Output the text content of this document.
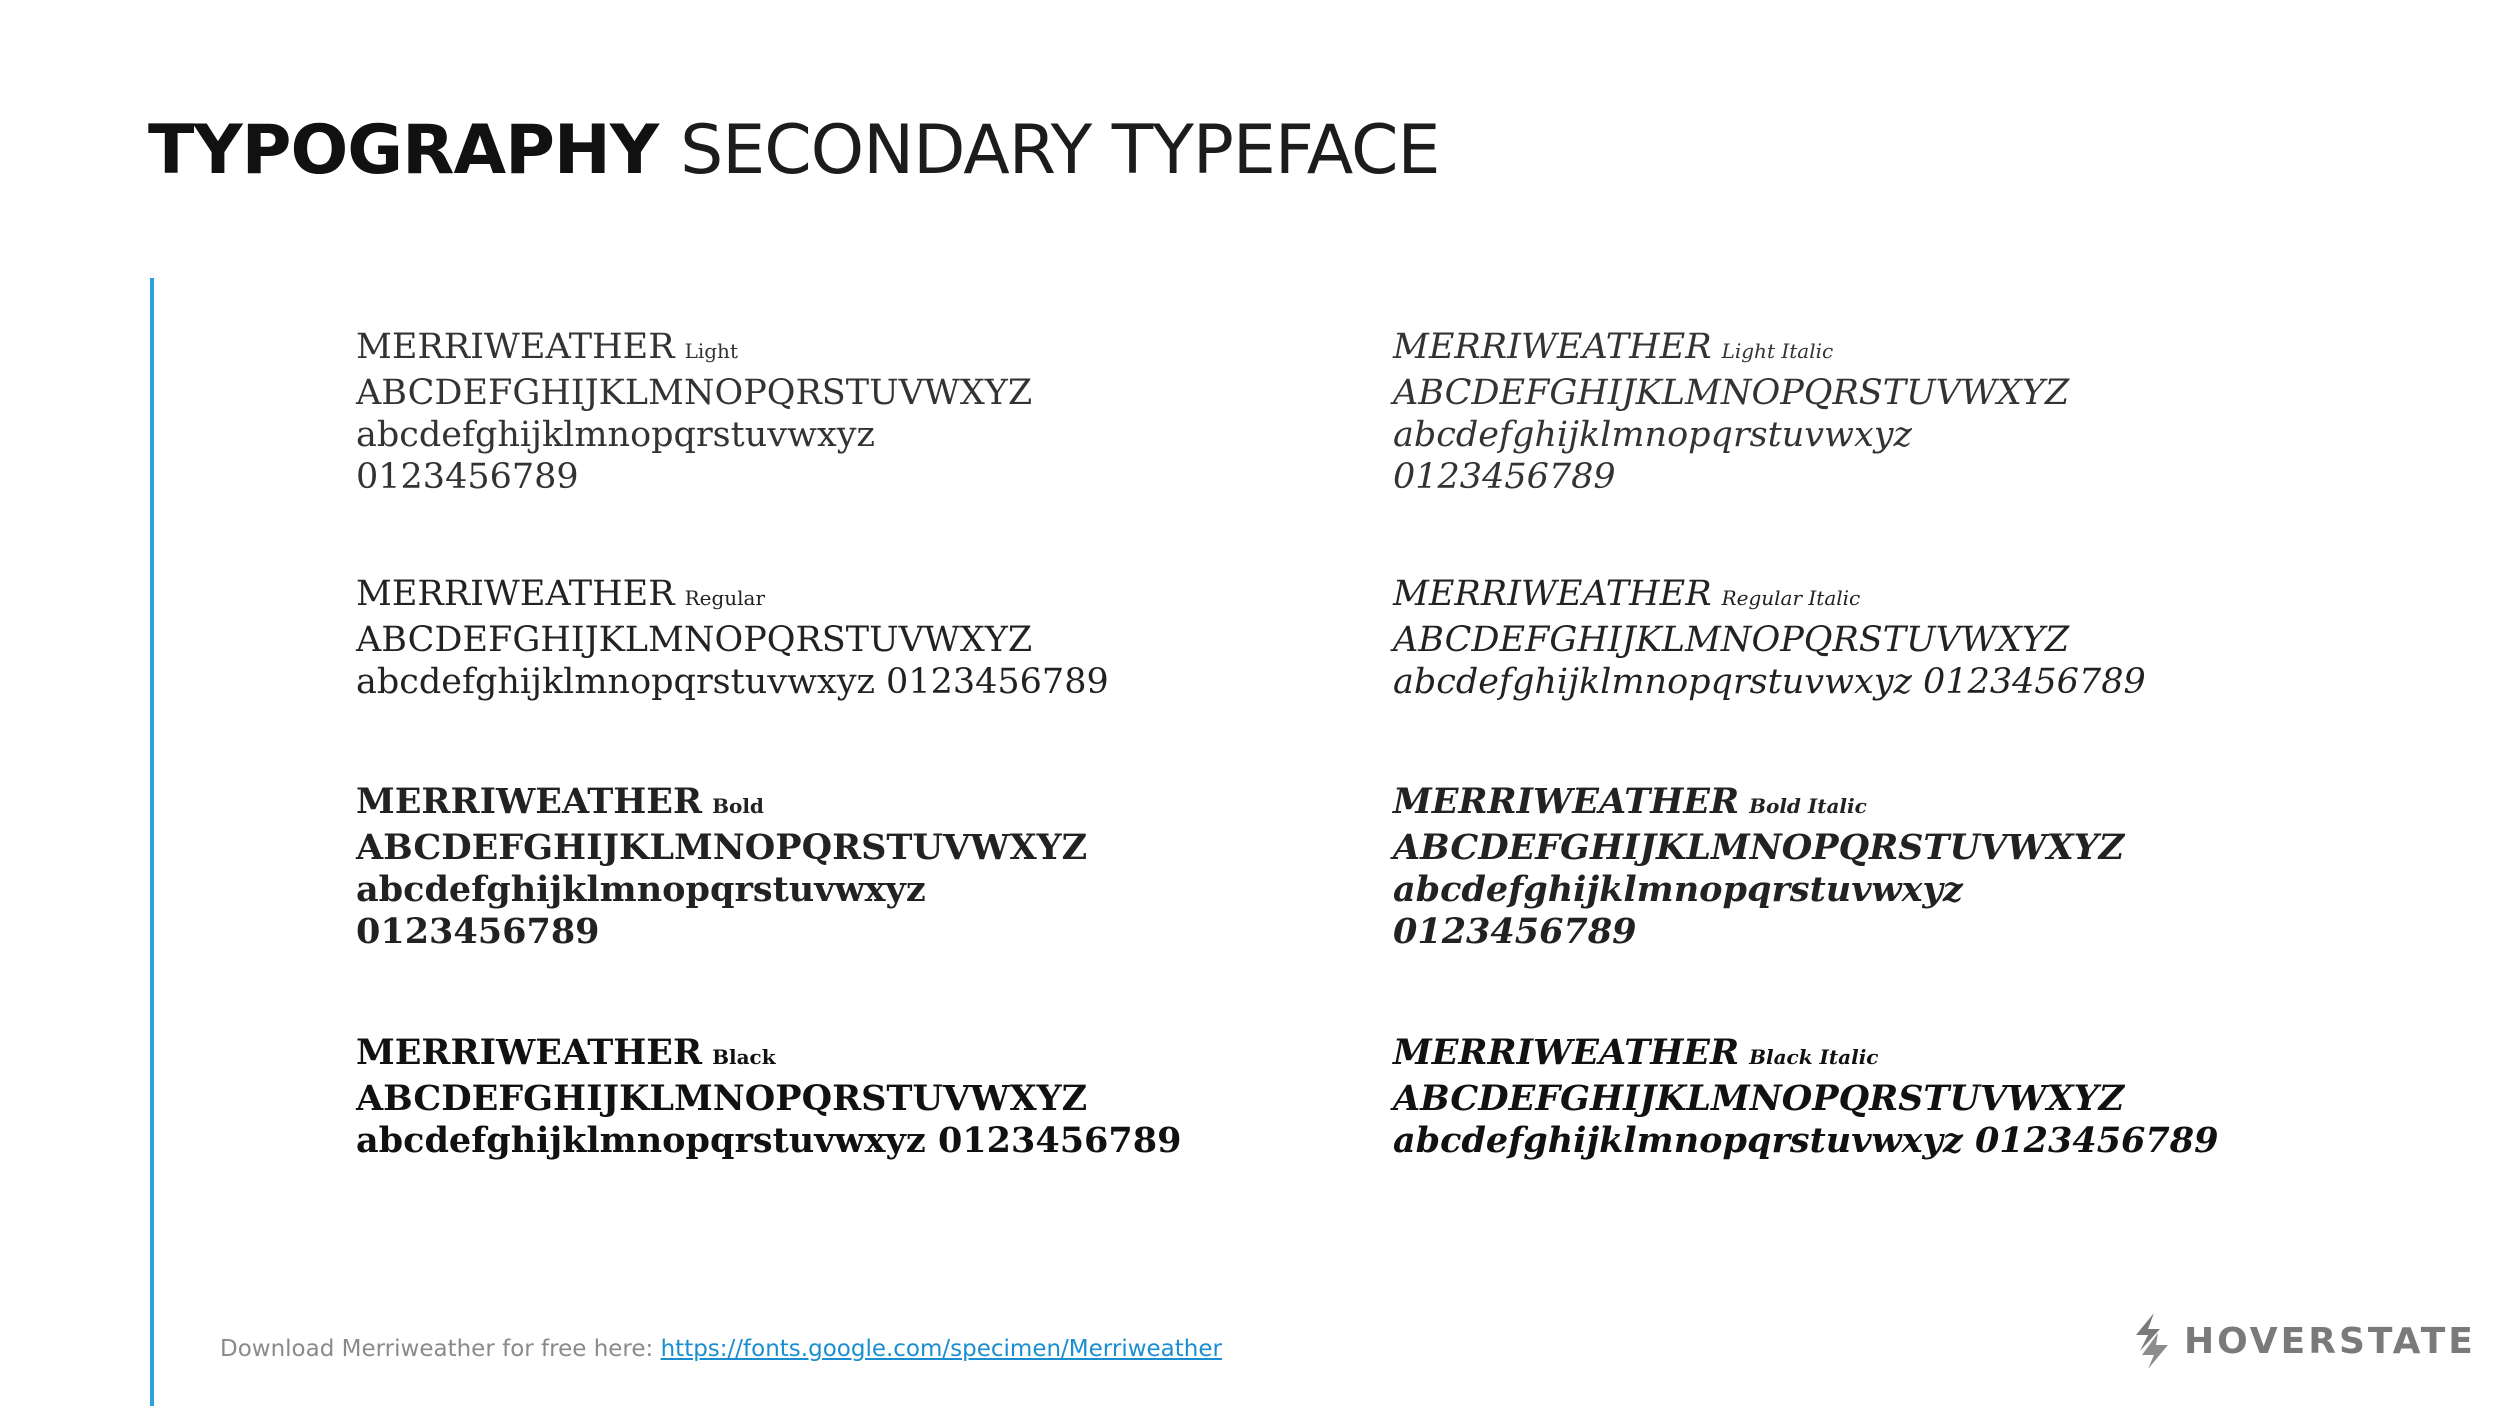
TYPOGRAPHY SECONDARY TYPEFACE
MERRIWEATHER Light
ABCDEFGHIJKLMNOPQRSTUVWXYZ
abcdefghijklmnopqrstuvwxyz
0123456789
MERRIWEATHER Regular
ABCDEFGHIJKLMNOPQRSTUVWXYZ
abcdefghijklmnopqrstuvwxyz 0123456789
MERRIWEATHER Bold
ABCDEFGHIJKLMNOPQRSTUVWXYZ
abcdefghijklmnopqrstuvwxyz
0123456789
MERRIWEATHER Black
ABCDEFGHIJKLMNOPQRSTUVWXYZ
abcdefghijklmnopqrstuvwxyz 0123456789
MERRIWEATHER Light Italic
ABCDEFGHIJKLMNOPQRSTUVWXYZ
abcdefghijklmnopqrstuvwxyz
0123456789
MERRIWEATHER Regular Italic
ABCDEFGHIJKLMNOPQRSTUVWXYZ
abcdefghijklmnopqrstuvwxyz 0123456789
MERRIWEATHER Bold Italic
ABCDEFGHIJKLMNOPQRSTUVWXYZ
abcdefghijklmnopqrstuvwxyz
0123456789
MERRIWEATHER Black Italic
ABCDEFGHIJKLMNOPQRSTUVWXYZ
abcdefghijklmnopqrstuvwxyz 0123456789
Download Merriweather for free here: https://fonts.google.com/specimen/Merriweather	HOVERSTATE
